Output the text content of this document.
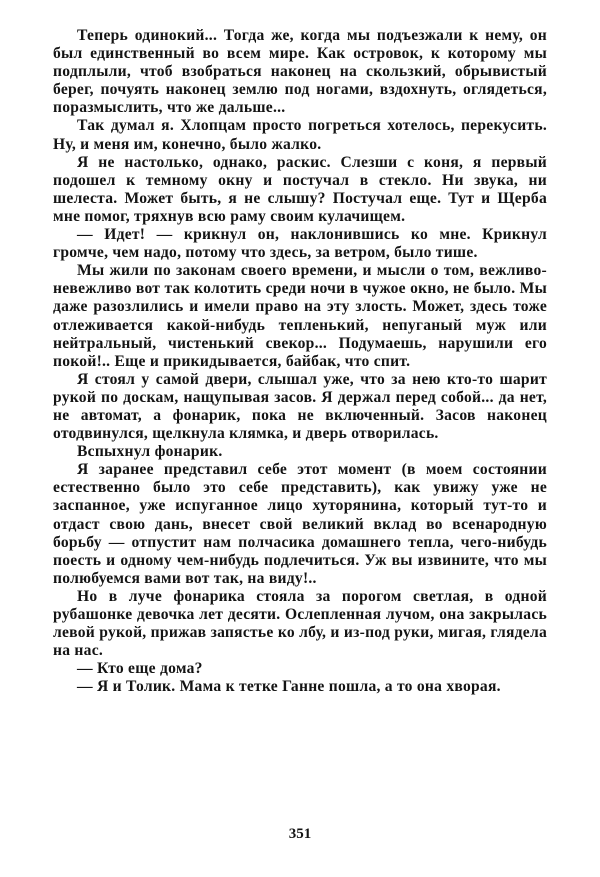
Теперь одинокий... Тогда же, когда мы подъезжали к нему, он был единственный во всем мире. Как островок, к которому мы подплыли, чтоб взобраться наконец на скользкий, обрывистый берег, почуять наконец землю под ногами, вздохнуть, оглядеться, поразмыслить, что же дальше...

Так думал я. Хлопцам просто погреться хотелось, перекусить. Ну, и меня им, конечно, было жалко.

Я не настолько, однако, раскис. Слезши с коня, я первый подошел к темному окну и постучал в стекло. Ни звука, ни шелеста. Может быть, я не слышу? Постучал еще. Тут и Щерба мне помог, тряхнув всю раму своим кулачищем.

— Идет! — крикнул он, наклонившись ко мне. Крикнул громче, чем надо, потому что здесь, за ветром, было тише.

Мы жили по законам своего времени, и мысли о том, вежливо-невежливо вот так колотить среди ночи в чужое окно, не было. Мы даже разозлились и имели право на эту злость. Может, здесь тоже отлеживается какой-нибудь тепленький, непуганый муж или нейтральный, чистенький свекор... Подумаешь, нарушили его покой!.. Еще и прикидывается, байбак, что спит.

Я стоял у самой двери, слышал уже, что за нею кто-то шарит рукой по доскам, нащупывая засов. Я держал перед собой... да нет, не автомат, а фонарик, пока не включенный. Засов наконец отодвинулся, щелкнула клямка, и дверь отворилась.

Вспыхнул фонарик.

Я заранее представил себе этот момент (в моем состоянии естественно было это себе представить), как увижу уже не заспанное, уже испуганное лицо хуторянина, который тут-то и отдаст свою дань, внесет свой великий вклад во всенародную борьбу — отпустит нам полчасика домашнего тепла, чего-нибудь поесть и одному чем-нибудь подлечиться. Уж вы извините, что мы полюбуемся вами вот так, на виду!..

Но в луче фонарика стояла за порогом светлая, в одной рубашонке девочка лет десяти. Ослепленная лучом, она закрылась левой рукой, прижав запястье ко лбу, и из-под руки, мигая, глядела на нас.

— Кто еще дома?

— Я и Толик. Мама к тетке Ганне пошла, а то она хворая.

351
